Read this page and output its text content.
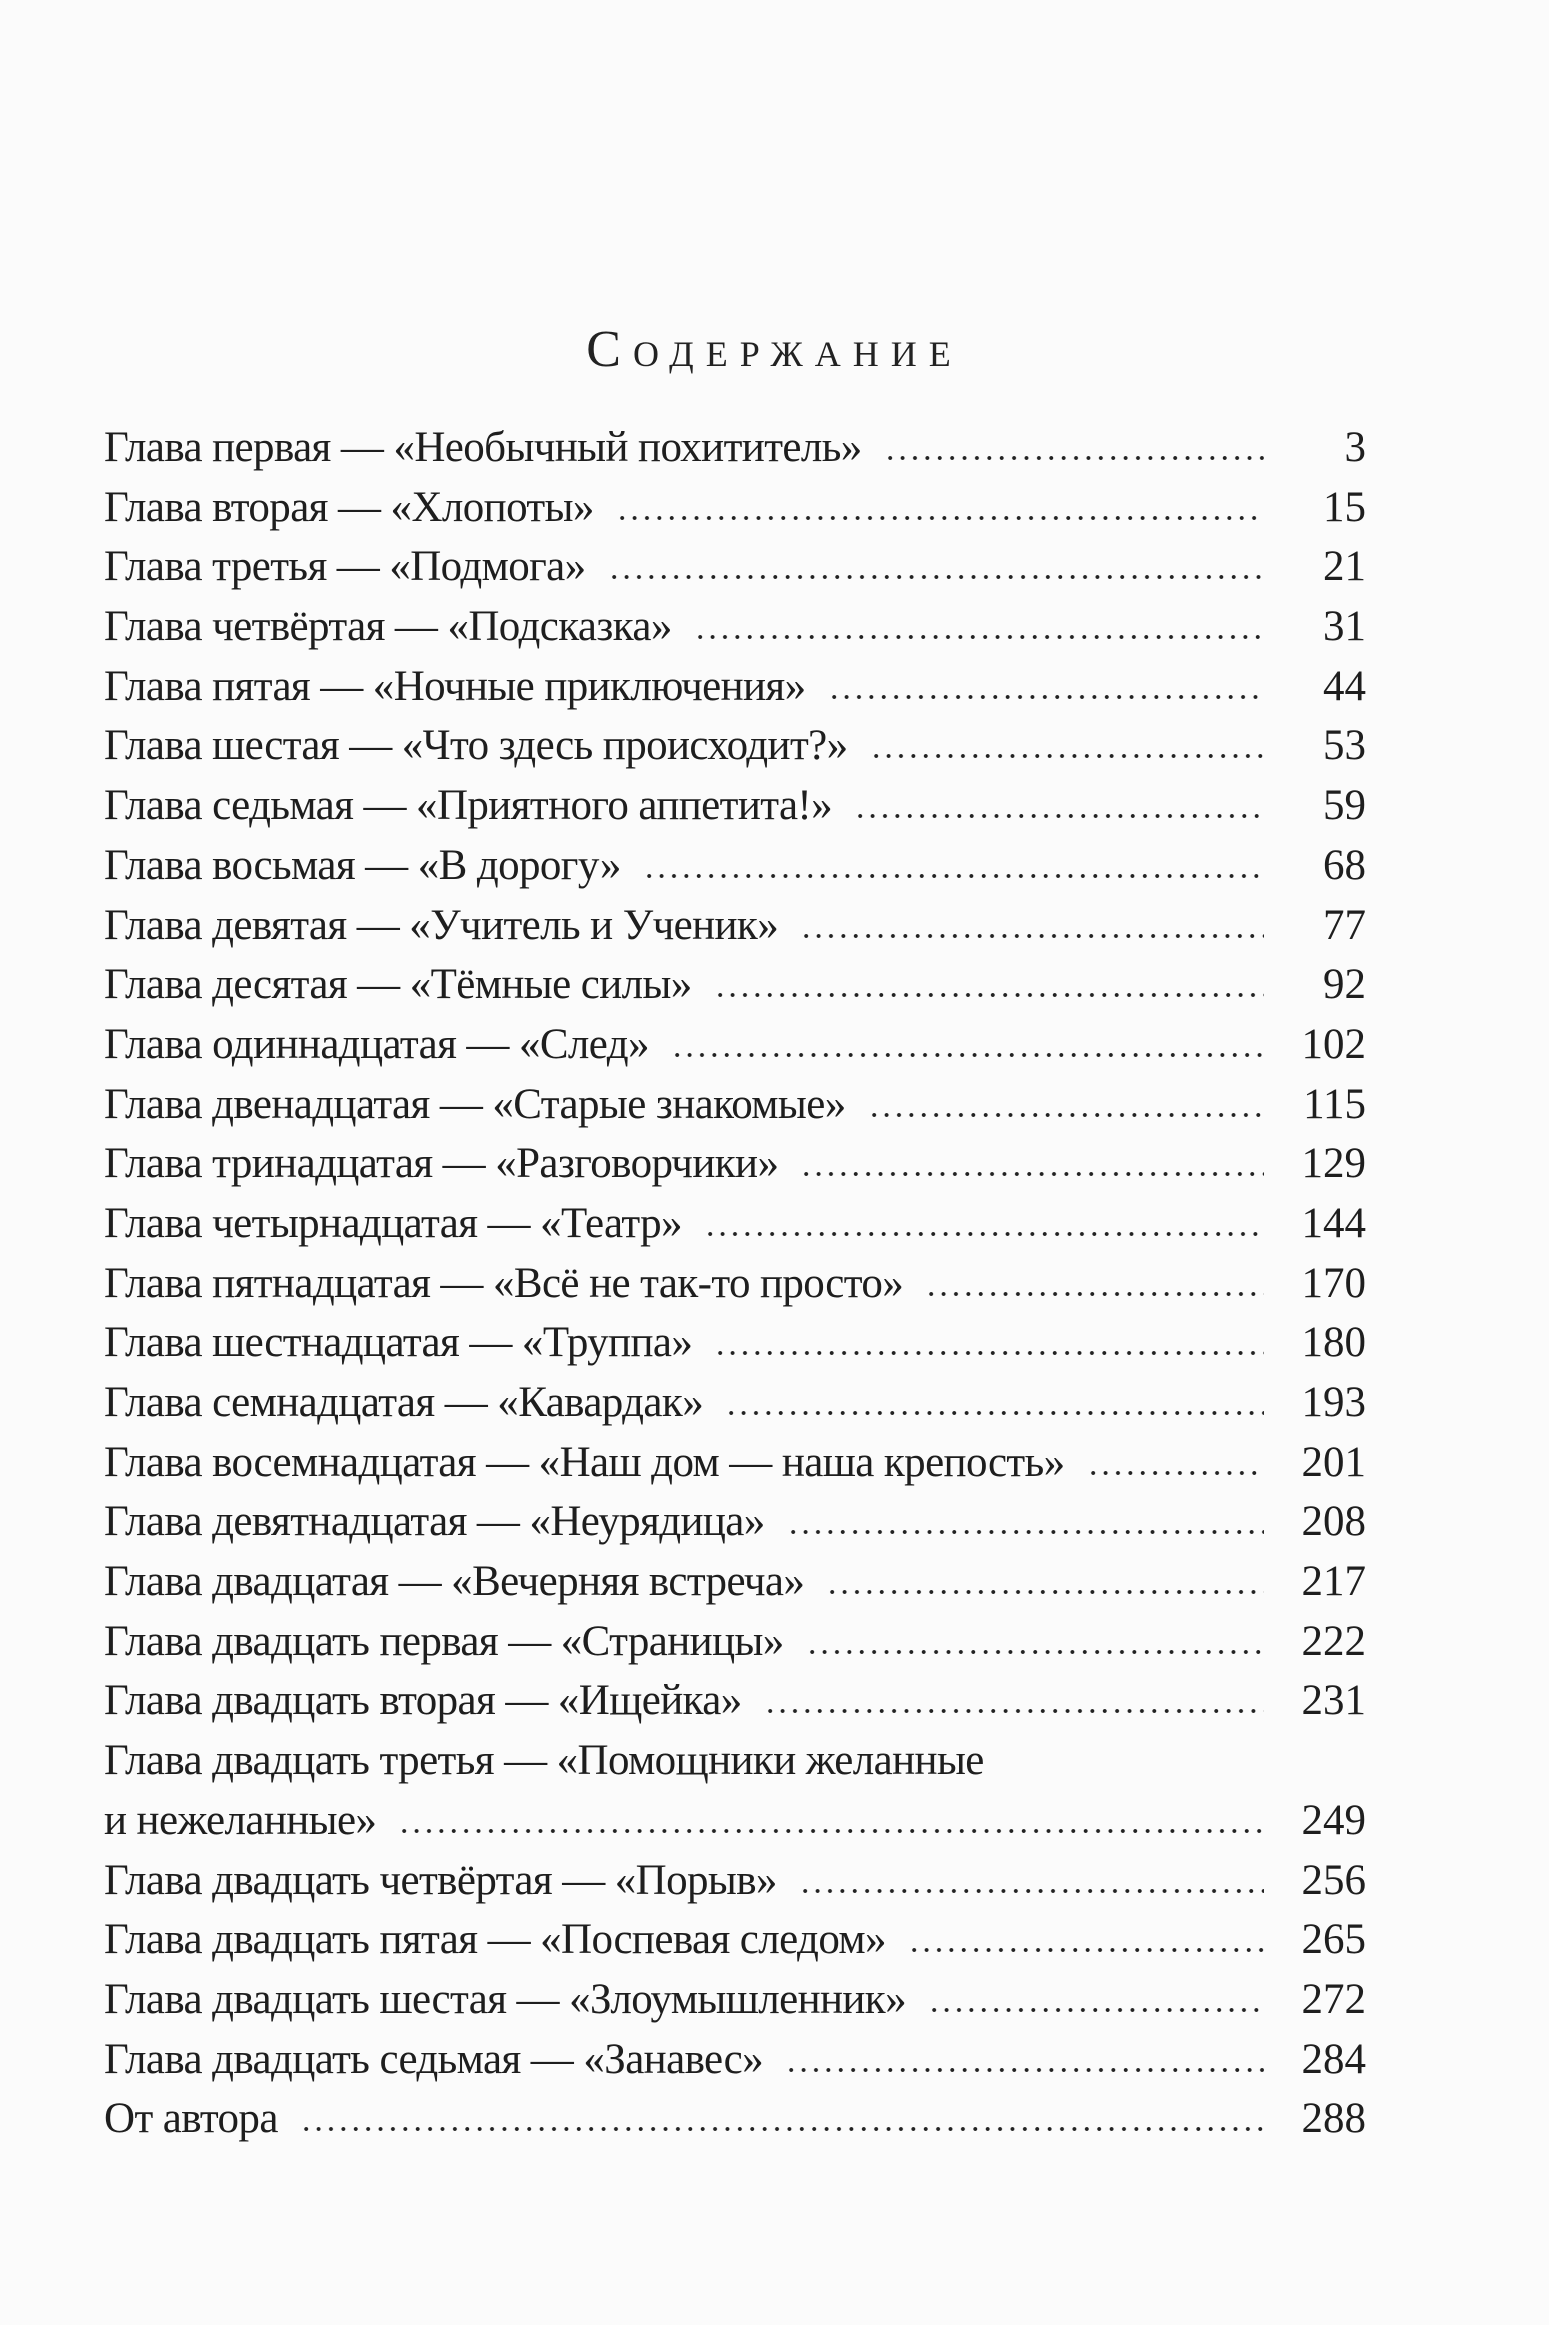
Содержание
Глава первая — «Необычный похититель»	3
Глава вторая — «Хлопоты»	15
Глава третья — «Подмога»	21
Глава четвёртая — «Подсказка»	31
Глава пятая — «Ночные приключения»	44
Глава шестая — «Что здесь происходит?»	53
Глава седьмая — «Приятного аппетита!»	59
Глава восьмая — «В дорогу»	68
Глава девятая — «Учитель и Ученик»	77
Глава десятая — «Тёмные силы»	92
Глава одиннадцатая — «След»	102
Глава двенадцатая — «Старые знакомые»	115
Глава тринадцатая — «Разговорчики»	129
Глава четырнадцатая — «Театр»	144
Глава пятнадцатая — «Всё не так-то просто»	170
Глава шестнадцатая — «Труппа»	180
Глава семнадцатая — «Кавардак»	193
Глава восемнадцатая — «Наш дом — наша крепость»	201
Глава девятнадцатая — «Неурядица»	208
Глава двадцатая — «Вечерняя встреча»	217
Глава двадцать первая — «Страницы»	222
Глава двадцать вторая — «Ищейка»	231
Глава двадцать третья — «Помощники желанные
и нежеланные»	249
Глава двадцать четвёртая — «Порыв»	256
Глава двадцать пятая — «Поспевая следом»	265
Глава двадцать шестая — «Злоумышленник»	272
Глава двадцать седьмая — «Занавес»	284
От автора	288
